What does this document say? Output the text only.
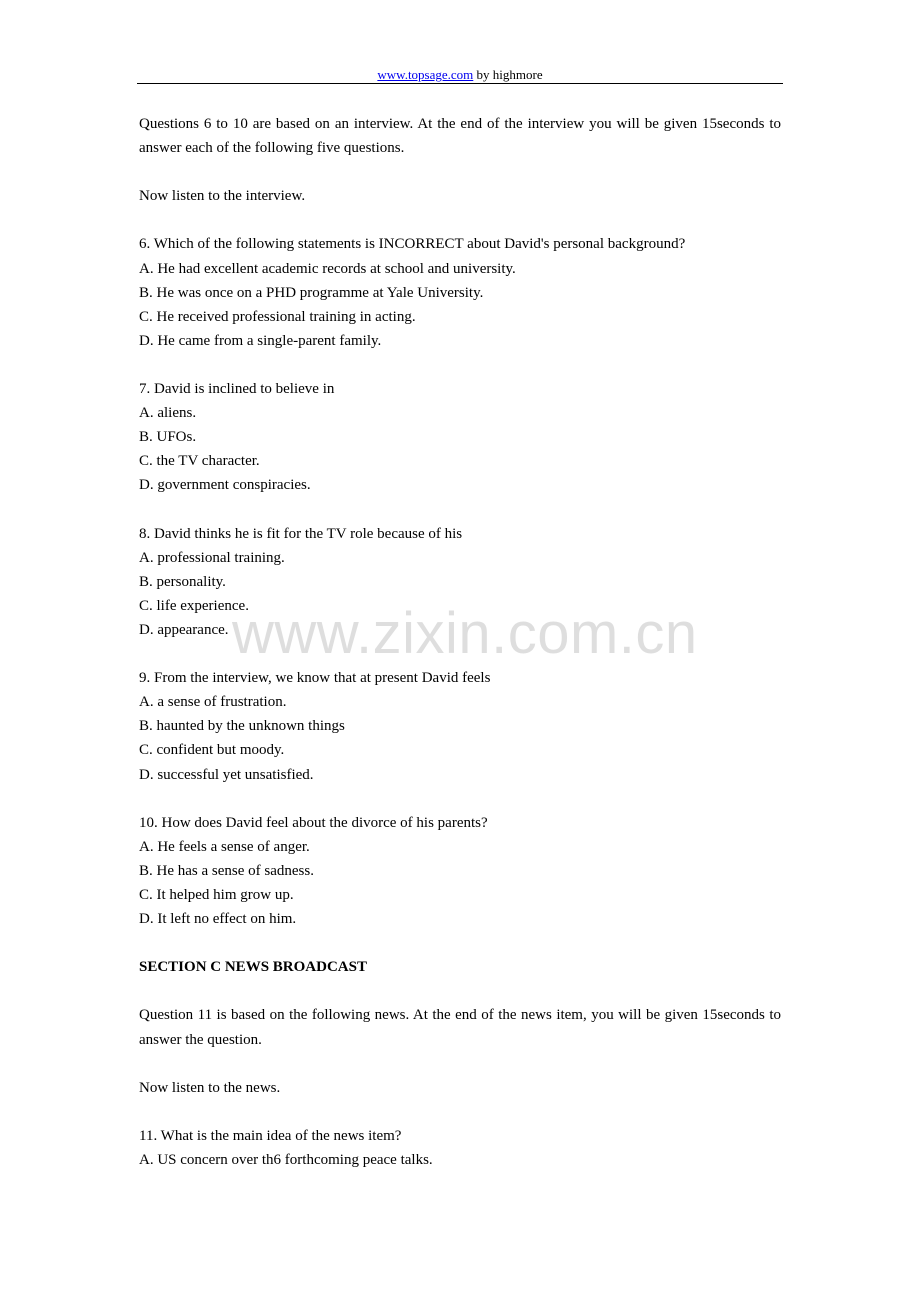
www.topsage.com by highmore
www.zixin.com.cn

Questions 6 to 10 are based on an interview. At the end of the interview you will be given 15seconds to answer each of the following five questions.

Now listen to the interview.

6. Which of the following statements is INCORRECT about David's personal background?

A. He had excellent academic records at school and university.

B. He was once on a PHD programme at Yale University.

C. He received professional training in acting.

D. He came from a single-parent family.

7. David is inclined to believe in

A. aliens.

B. UFOs.

C. the TV character.

D. government conspiracies.

8. David thinks he is fit for the TV role because of his

A. professional training.

B. personality.

C. life experience.

D. appearance.

9. From the interview, we know that at present David feels

A. a sense of frustration.

B. haunted by the unknown things

C. confident but moody.

D. successful yet unsatisfied.

10. How does David feel about the divorce of his parents?

A. He feels a sense of anger.

B. He has a sense of sadness.

C. It helped him grow up.

D. It left no effect on him.

SECTION C NEWS BROADCAST

Question 11 is based on the following news. At the end of the news item, you will be given 15seconds to answer the question.

Now listen to the news.

11. What is the main idea of the news item?

A. US concern over th6 forthcoming peace talks.
